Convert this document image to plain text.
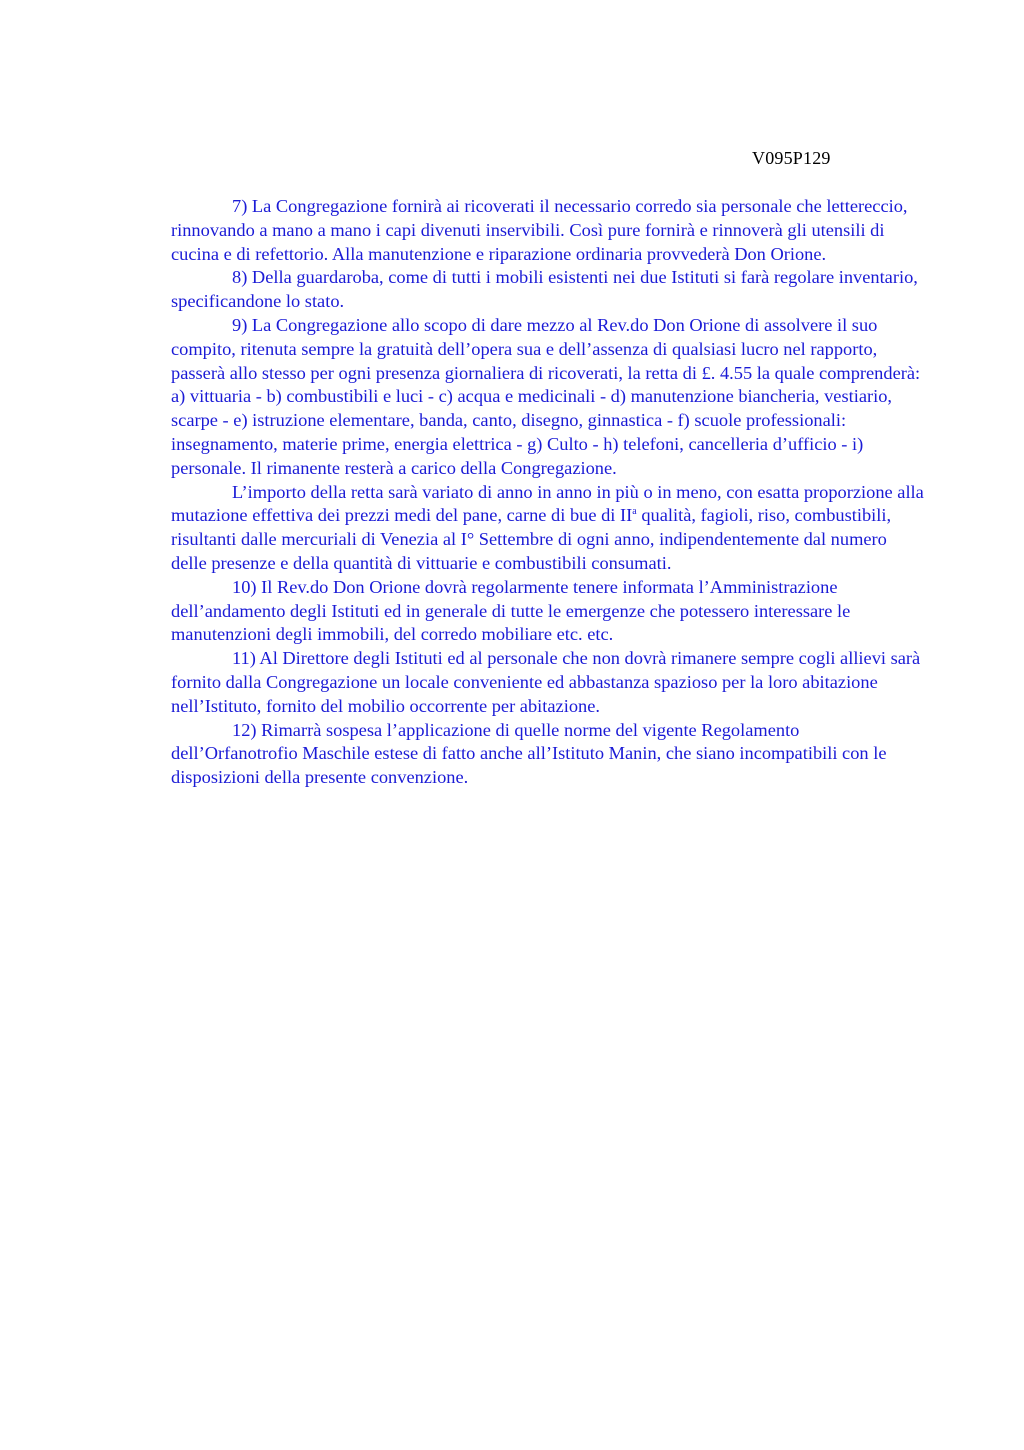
V095P129

7) La Congregazione fornirà ai ricoverati il necessario corredo sia personale che lettereccio, rinnovando a mano a mano i capi divenuti inservibili. Così pure fornirà e rinnoverà gli utensili di cucina e di refettorio. Alla manutenzione e riparazione ordinaria provvederà Don Orione.

8) Della guardaroba, come di tutti i mobili esistenti nei due Istituti si farà regolare inventario, specificandone lo stato.

9) La Congregazione allo scopo di dare mezzo al Rev.do Don Orione di assolvere il suo compito, ritenuta sempre la gratuità dell’opera sua e dell’assenza di qualsiasi lucro nel rapporto, passerà allo stesso per ogni presenza giornaliera di ricoverati, la retta di £. 4.55 la quale comprenderà: a) vittuaria - b) combustibili e luci - c) acqua e medicinali - d) manutenzione biancheria, vestiario, scarpe - e) istruzione elementare, banda, canto, disegno, ginnastica - f) scuole professionali: insegnamento, materie prime, energia elettrica - g) Culto - h) telefoni, cancelleria d’ufficio - i) personale. Il rimanente resterà a carico della Congregazione.

L’importo della retta sarà variato di anno in anno in più o in meno, con esatta proporzione alla mutazione effettiva dei prezzi medi del pane, carne di bue di $II^a$ qualità, fagioli, riso, combustibili, risultanti dalle mercuriali di Venezia al I° Settembre di ogni anno, indipendentemente dal numero delle presenze e della quantità di vittuarie e combustibili consumati.

10) Il Rev.do Don Orione dovrà regolarmente tenere informata l’Amministrazione dell’andamento degli Istituti ed in generale di tutte le emergenze che potessero interessare le manutenzioni degli immobili, del corredo mobiliare etc. etc.

11) Al Direttore degli Istituti ed al personale che non dovrà rimanere sempre cogli allievi sarà fornito dalla Congregazione un locale conveniente ed abbastanza spazioso per la loro abitazione nell’Istituto, fornito del mobilio occorrente per abitazione.

12) Rimarrà sospesa l’applicazione di quelle norme del vigente Regolamento dell’Orfanotrofio Maschile estese di fatto anche all’Istituto Manin, che siano incompatibili con le disposizioni della presente convenzione.
